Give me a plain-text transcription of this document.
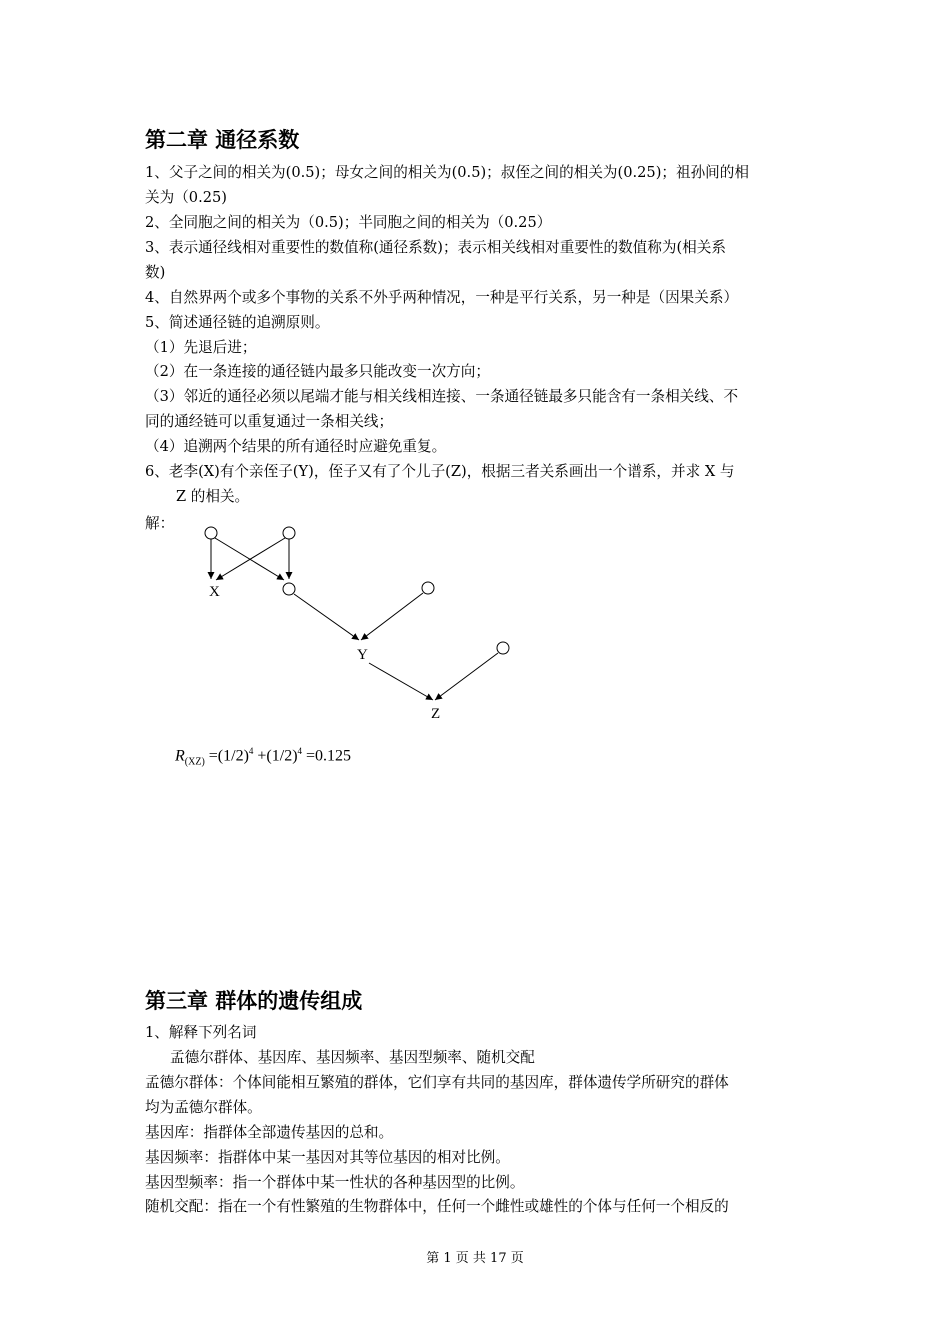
第二章 通径系数
1、父子之间的相关为(0.5)；母女之间的相关为(0.5)；叔侄之间的相关为(0.25)；祖孙间的相
关为（0.25)
2、全同胞之间的相关为（0.5)；半同胞之间的相关为（0.25）
3、表示通径线相对重要性的数值称(通径系数)；表示相关线相对重要性的数值称为(相关系
数)
4、自然界两个或多个事物的关系不外乎两种情况，一种是平行关系，另一种是（因果关系）
5、简述通径链的追溯原则。
（1）先退后进；
（2）在一条连接的通径链内最多只能改变一次方向；
（3）邻近的通径必须以尾端才能与相关线相连接、一条通径链最多只能含有一条相关线、不
同的通经链可以重复通过一条相关线；
（4）追溯两个结果的所有通径时应避免重复。
6、老李(X)有个亲侄子(Y)，侄子又有了个儿子(Z)，根据三者关系画出一个谱系，并求 X 与
Z 的相关。
解：
X
Y
Z
$R_{(XZ)} =(1/2)^4 +(1/2)^4 =0.125$
第三章 群体的遗传组成
1、解释下列名词
孟德尔群体、基因库、基因频率、基因型频率、随机交配
孟德尔群体：个体间能相互繁殖的群体，它们享有共同的基因库，群体遗传学所研究的群体
均为孟德尔群体。
基因库：指群体全部遗传基因的总和。
基因频率：指群体中某一基因对其等位基因的相对比例。
基因型频率：指一个群体中某一性状的各种基因型的比例。
随机交配：指在一个有性繁殖的生物群体中，任何一个雌性或雄性的个体与任何一个相反的
第 1 页 共 17 页
